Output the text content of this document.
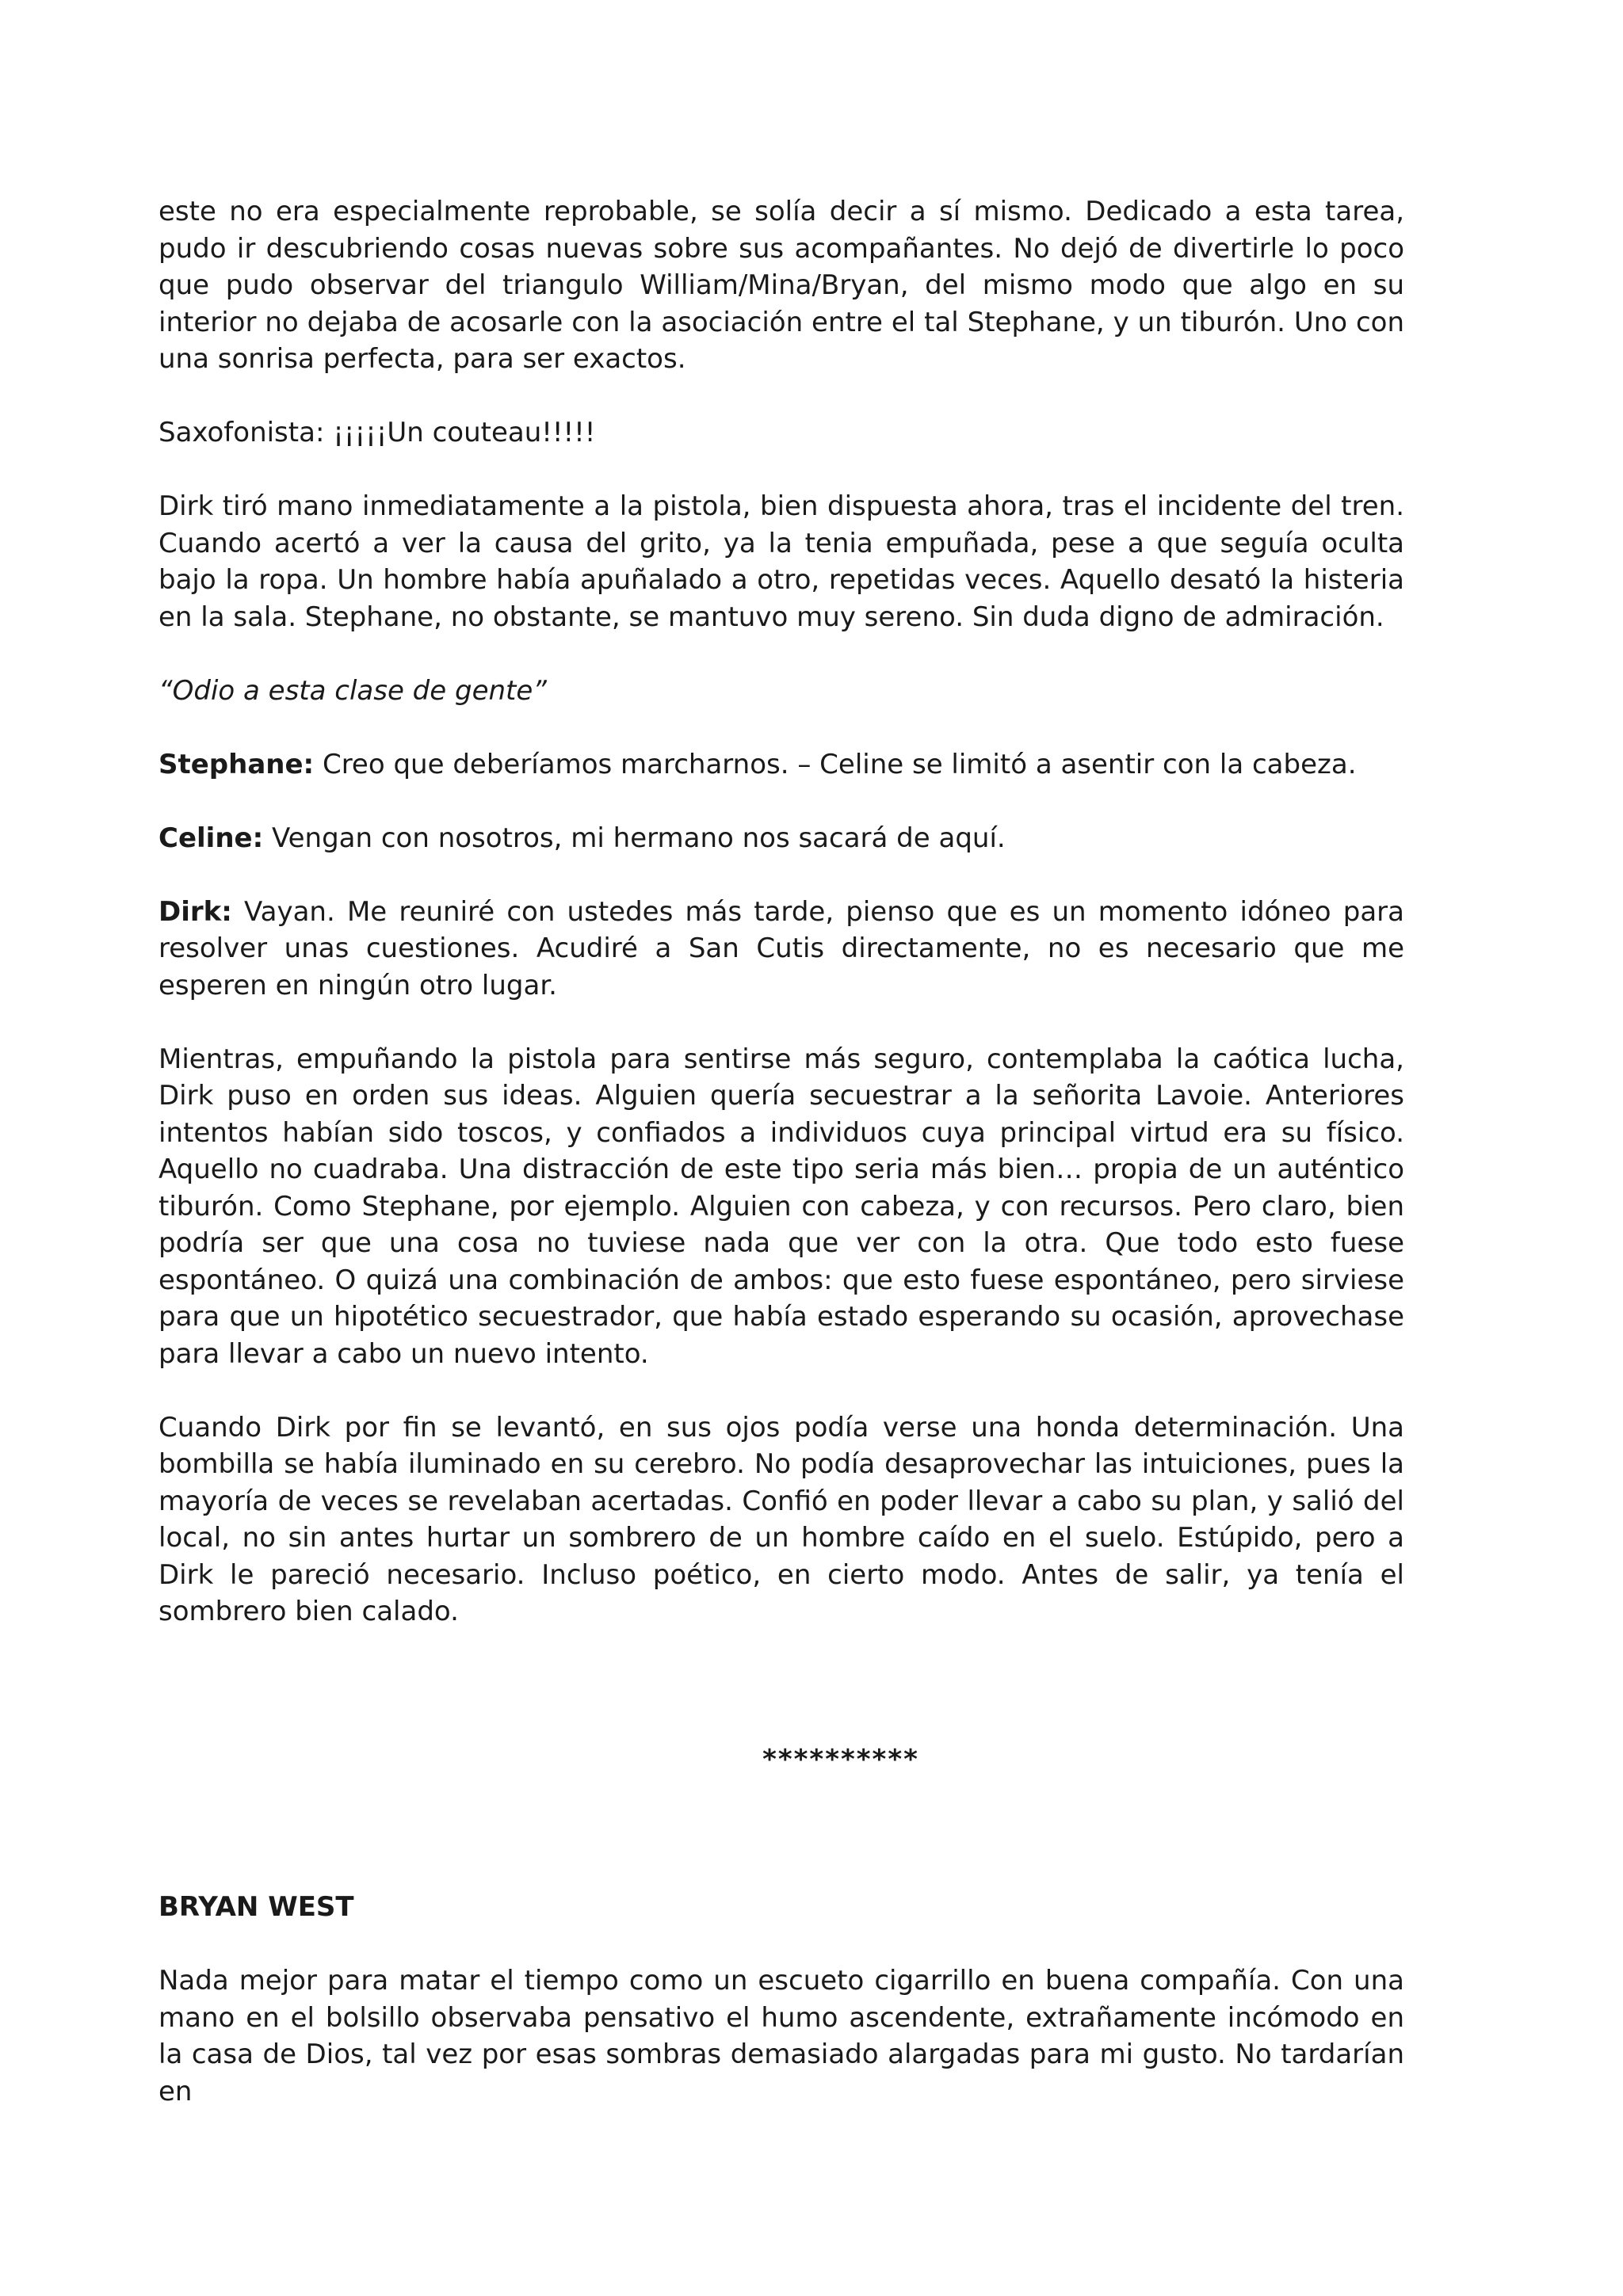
este no era especialmente reprobable, se solía decir a sí mismo. Dedicado a esta tarea, pudo ir descubriendo cosas nuevas sobre sus acompañantes. No dejó de divertirle lo poco que pudo observar del triangulo William/Mina/Bryan, del mismo modo que algo en su interior no dejaba de acosarle con la asociación entre el tal Stephane, y un tiburón. Uno con una sonrisa perfecta, para ser exactos.

Saxofonista: ¡¡¡¡¡Un couteau!!!!!

Dirk tiró mano inmediatamente a la pistola, bien dispuesta ahora, tras el incidente del tren. Cuando acertó a ver la causa del grito, ya la tenia empuñada, pese a que seguía oculta bajo la ropa. Un hombre había apuñalado a otro, repetidas veces. Aquello desató la histeria en la sala. Stephane, no obstante, se mantuvo muy sereno. Sin duda digno de admiración.

“Odio a esta clase de gente”

Stephane: Creo que deberíamos marcharnos. – Celine se limitó a asentir con la cabeza.

Celine: Vengan con nosotros, mi hermano nos sacará de aquí.

Dirk: Vayan. Me reuniré con ustedes más tarde, pienso que es un momento idóneo para resolver unas cuestiones. Acudiré a San Cutis directamente, no es necesario que me esperen en ningún otro lugar.

Mientras, empuñando la pistola para sentirse más seguro, contemplaba la caótica lucha, Dirk puso en orden sus ideas. Alguien quería secuestrar a la señorita Lavoie. Anteriores intentos habían sido toscos, y confiados a individuos cuya principal virtud era su físico. Aquello no cuadraba. Una distracción de este tipo seria más bien… propia de un auténtico tiburón. Como Stephane, por ejemplo. Alguien con cabeza, y con recursos. Pero claro, bien podría ser que una cosa no tuviese nada que ver con la otra. Que todo esto fuese espontáneo. O quizá una combinación de ambos: que esto fuese espontáneo, pero sirviese para que un hipotético secuestrador, que había estado esperando su ocasión, aprovechase para llevar a cabo un nuevo intento.

Cuando Dirk por fin se levantó, en sus ojos podía verse una honda determinación. Una bombilla se había iluminado en su cerebro. No podía desaprovechar las intuiciones, pues la mayoría de veces se revelaban acertadas. Confió en poder llevar a cabo su plan, y salió del local, no sin antes hurtar un sombrero de un hombre caído en el suelo. Estúpido, pero a Dirk le pareció necesario. Incluso poético, en cierto modo. Antes de salir, ya tenía el sombrero bien calado.

**********

BRYAN WEST

Nada mejor para matar el tiempo como un escueto cigarrillo en buena compañía. Con una mano en el bolsillo observaba pensativo el humo ascendente, extrañamente incómodo en la casa de Dios, tal vez por esas sombras demasiado alargadas para mi gusto. No tardarían en
